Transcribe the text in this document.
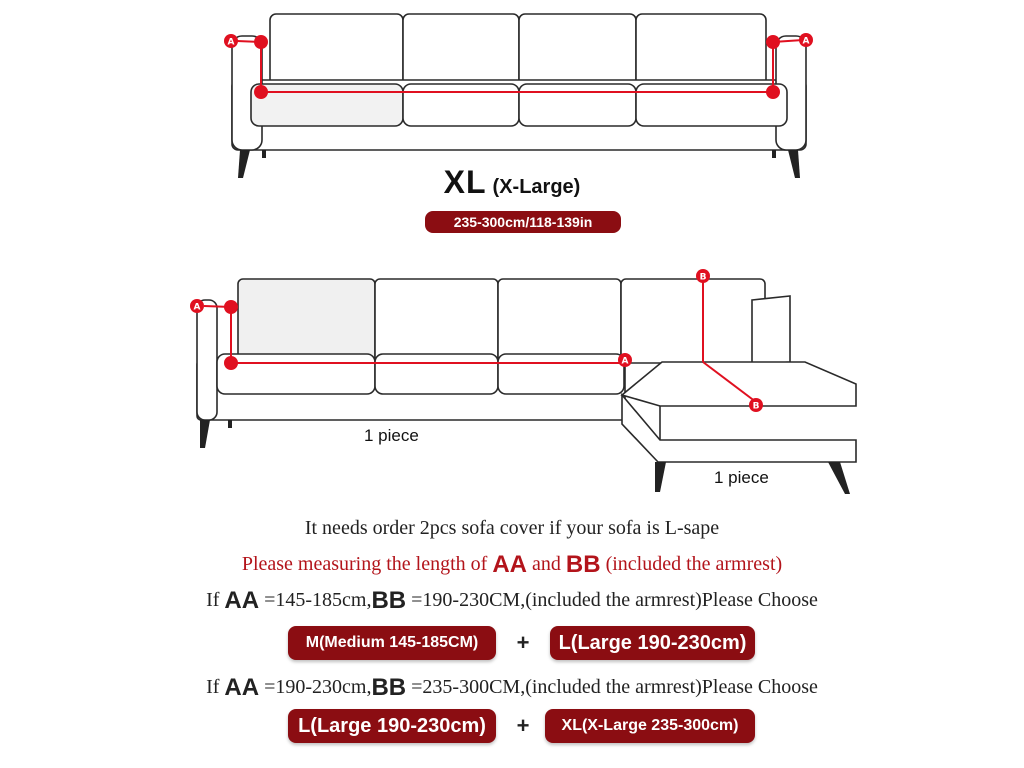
A	A
XL (X-Large)
235-300cm/118-139in
A
A
B
B
1 piece
1 piece
It needs order 2pcs sofa cover if your sofa is L-sape
Please measuring the length of AA and BB (included the armrest)
If AA =145-185cm,BB =190-230CM,(included the armrest)Please Choose
M(Medium 145-185CM)	+	L(Large 190-230cm)
If AA =190-230cm,BB =235-300CM,(included the armrest)Please Choose
L(Large 190-230cm)	+	XL(X-Large 235-300cm)
